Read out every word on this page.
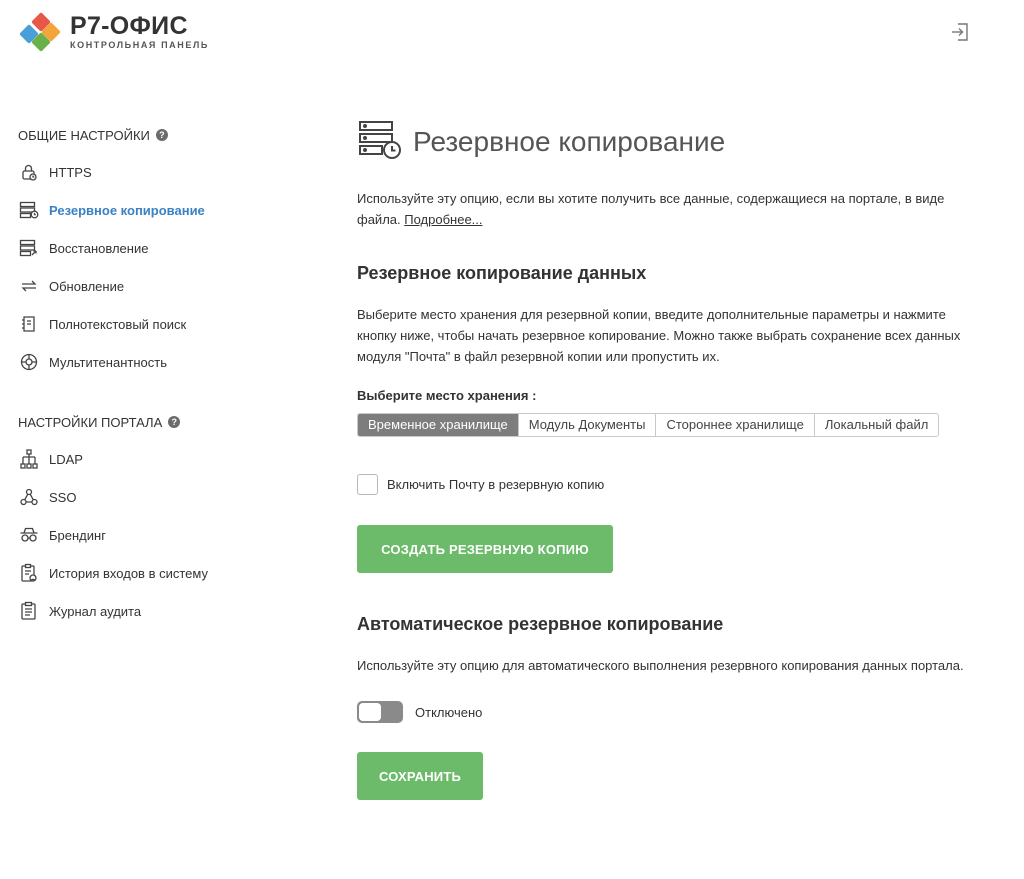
Р7-ОФИС
КОНТРОЛЬНАЯ ПАНЕЛЬ
ОБЩИЕ НАСТРОЙКИ	?
HTTPS
Резервное копирование
Восстановление
Обновление
Полнотекстовый поиск
Мультитенантность
НАСТРОЙКИ ПОРТАЛА	?
LDAP
SSO
Брендинг
История входов в систему
Журнал аудита
Резервное копирование

Используйте эту опцию, если вы хотите получить все данные, содержащиеся на портале, в виде файла. Подробнее...

Резервное копирование данных

Выберите место хранения для резервной копии, введите дополнительные параметры и нажмите кнопку ниже, чтобы начать резервное копирование. Можно также выбрать сохранение всех данных модуля "Почта" в файл резервной копии или пропустить их.

Выберите место хранения :
Временное хранилище	Модуль Документы	Стороннее хранилище	Локальный файл
Включить Почту в резервную копию
СОЗДАТЬ РЕЗЕРВНУЮ КОПИЮ
Автоматическое резервное копирование

Используйте эту опцию для автоматического выполнения резервного копирования данных портала.

Отключено
СОХРАНИТЬ
